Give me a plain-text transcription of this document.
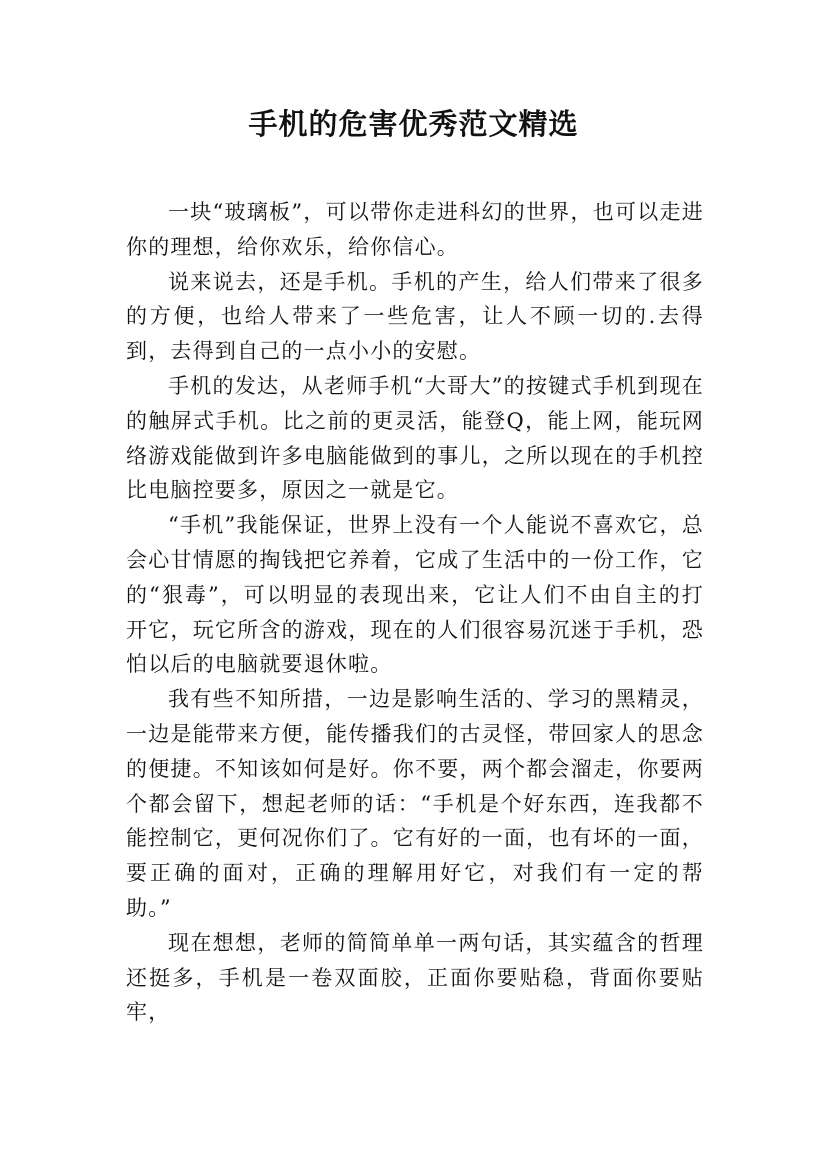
手机的危害优秀范文精选

一块“玻璃板”，可以带你走进科幻的世界，也可以走进你的理想，给你欢乐，给你信心。

说来说去，还是手机。手机的产生，给人们带来了很多的方便，也给人带来了一些危害，让人不顾一切的.去得到，去得到自己的一点小小的安慰。

手机的发达，从老师手机“大哥大”的按键式手机到现在的触屏式手机。比之前的更灵活，能登Q，能上网，能玩网络游戏能做到许多电脑能做到的事儿，之所以现在的手机控比电脑控要多，原因之一就是它。

“手机”我能保证，世界上没有一个人能说不喜欢它，总会心甘情愿的掏钱把它养着，它成了生活中的一份工作，它的“狠毒”，可以明显的表现出来，它让人们不由自主的打开它，玩它所含的游戏，现在的人们很容易沉迷于手机，恐怕以后的电脑就要退休啦。

我有些不知所措，一边是影响生活的、学习的黑精灵，一边是能带来方便，能传播我们的古灵怪，带回家人的思念的便捷。不知该如何是好。你不要，两个都会溜走，你要两个都会留下，想起老师的话：“手机是个好东西，连我都不能控制它，更何况你们了。它有好的一面，也有坏的一面，要正确的面对，正确的理解用好它，对我们有一定的帮助。”

现在想想，老师的简简单单一两句话，其实蕴含的哲理还挺多，手机是一卷双面胶，正面你要贴稳，背面你要贴牢，
